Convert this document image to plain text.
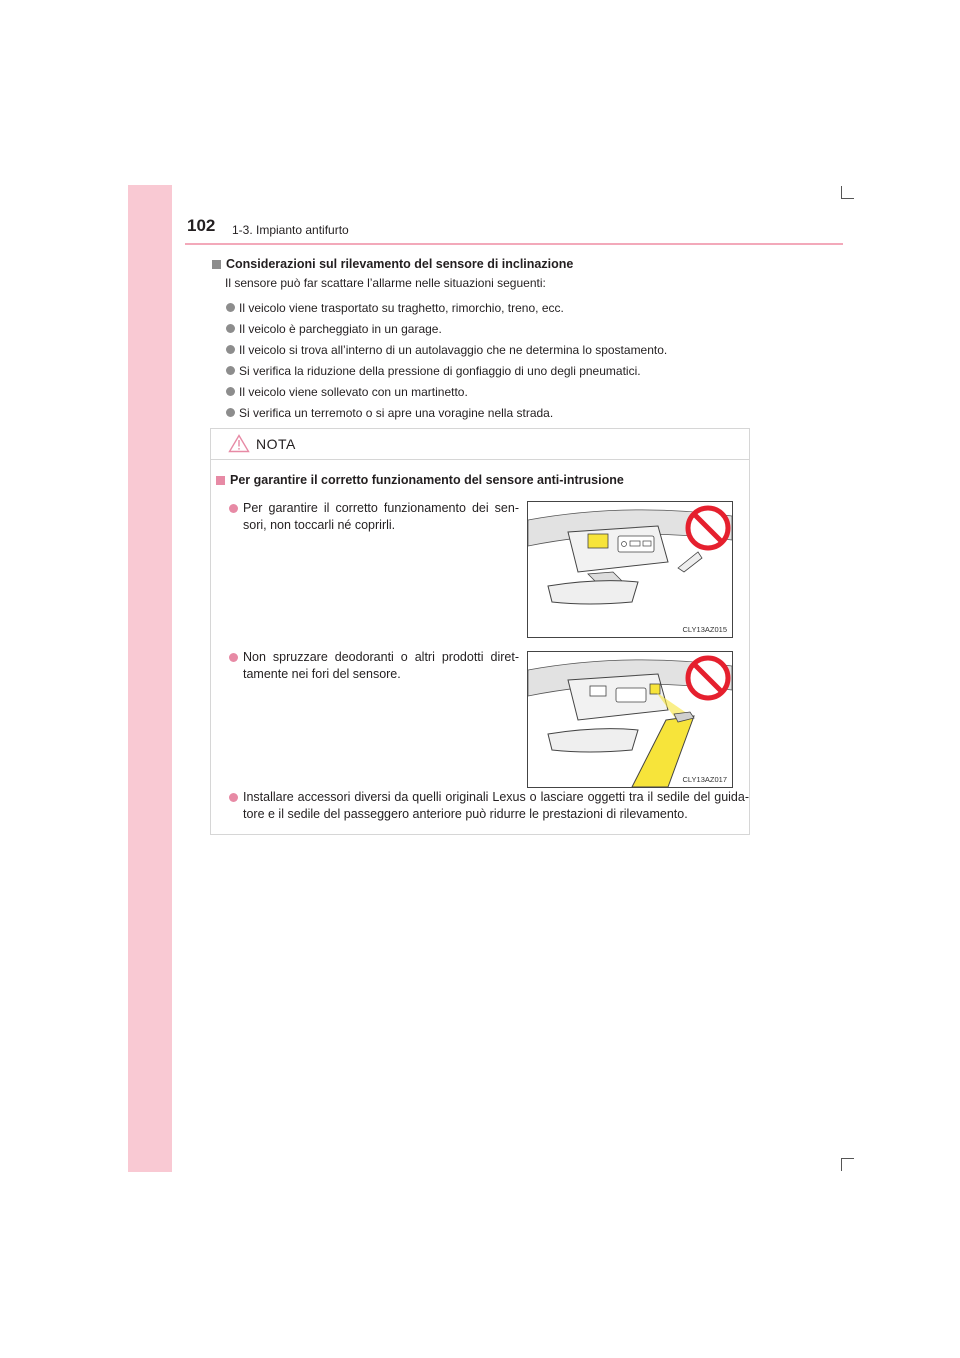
102 1-3. Impianto antifurto
Considerazioni sul rilevamento del sensore di inclinazione
Il sensore può far scattare l’allarme nelle situazioni seguenti:
Il veicolo viene trasportato su traghetto, rimorchio, treno, ecc.
Il veicolo è parcheggiato in un garage.
Il veicolo si trova all’interno di un autolavaggio che ne determina lo spostamento.
Si verifica la riduzione della pressione di gonfiaggio di uno degli pneumatici.
Il veicolo viene sollevato con un martinetto.
Si verifica un terremoto o si apre una voragine nella strada.
NOTA
Per garantire il corretto funzionamento del sensore anti-intrusione
Per garantire il corretto funzionamento dei sen-sori, non toccarli né coprirli.
CLY13AZ015
Non spruzzare deodoranti o altri prodotti diret-tamente nei fori del sensore.
CLY13AZ017
Installare accessori diversi da quelli originali Lexus o lasciare oggetti tra il sedile del guida-tore e il sedile del passeggero anteriore può ridurre le prestazioni di rilevamento.
